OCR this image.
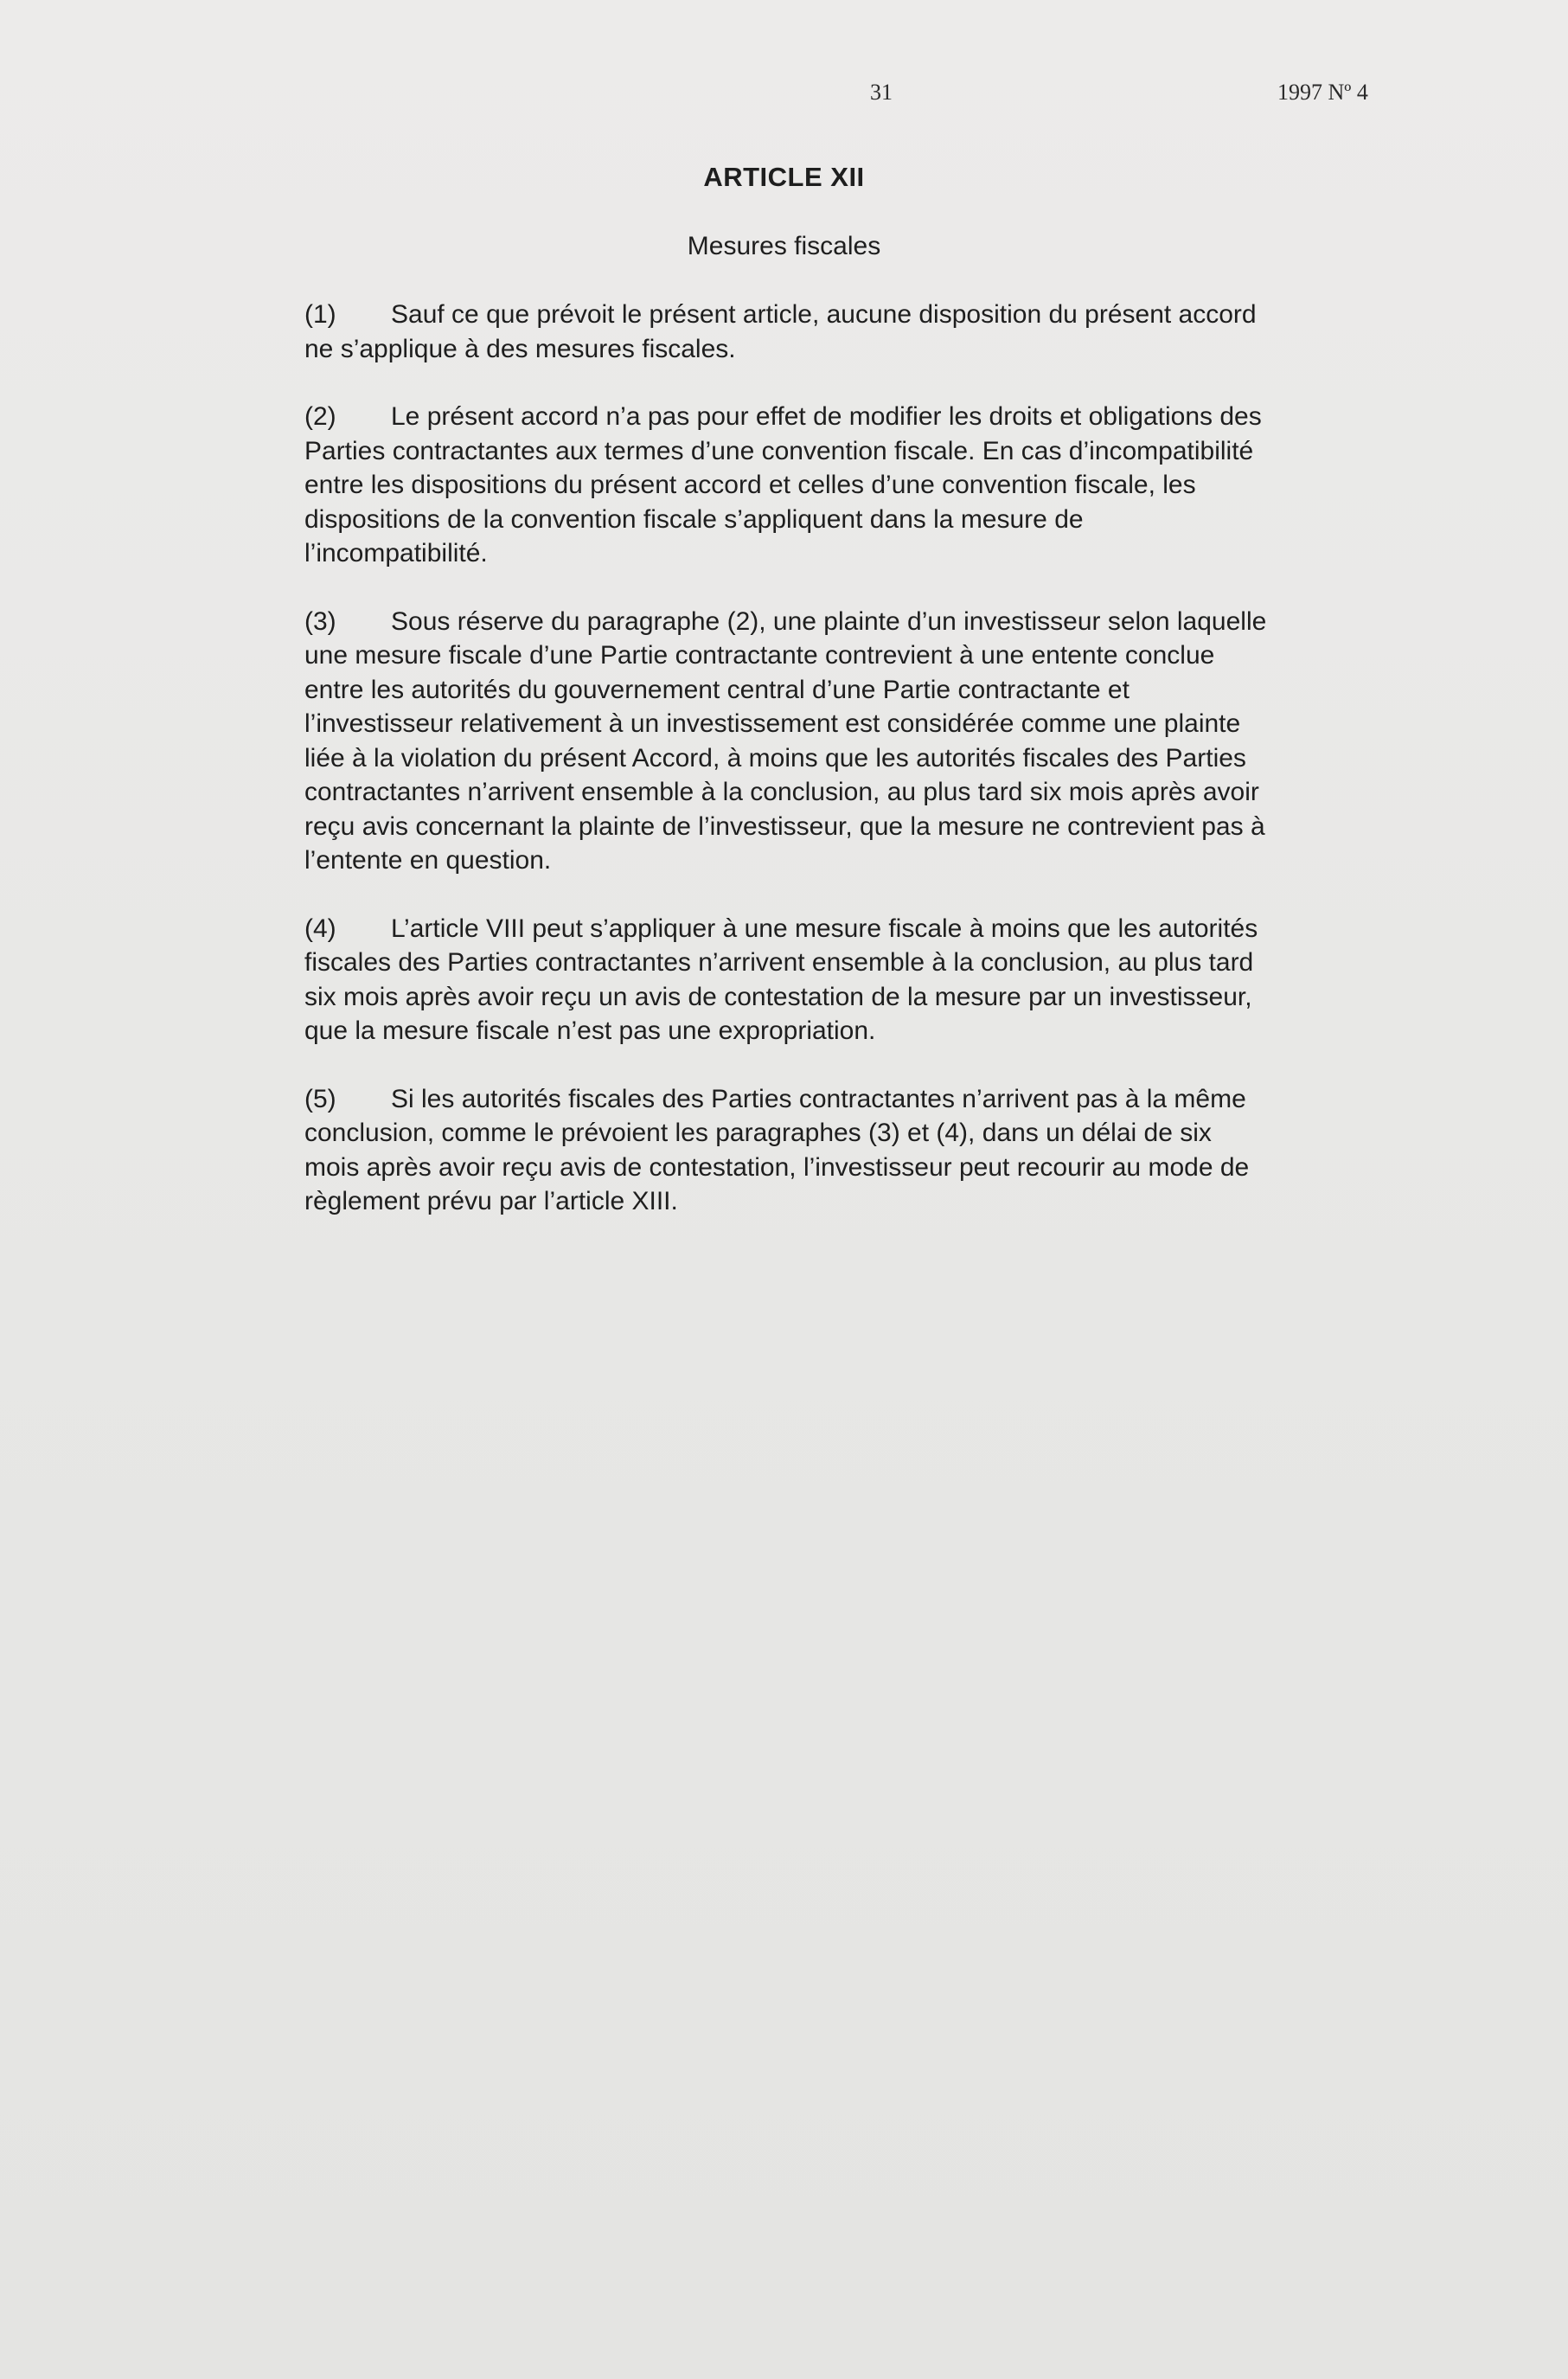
31	1997 Nº 4
ARTICLE XII
Mesures fiscales
(1) Sauf ce que prévoit le présent article, aucune disposition du présent accord
ne s’applique à des mesures fiscales.
(2) Le présent accord n’a pas pour effet de modifier les droits et obligations des
Parties contractantes aux termes d’une convention fiscale. En cas d’incompatibilité
entre les dispositions du présent accord et celles d’une convention fiscale, les
dispositions de la convention fiscale s’appliquent dans la mesure de
l’incompatibilité.
(3) Sous réserve du paragraphe (2), une plainte d’un investisseur selon laquelle
une mesure fiscale d’une Partie contractante contrevient à une entente conclue
entre les autorités du gouvernement central d’une Partie contractante et
l’investisseur relativement à un investissement est considérée comme une plainte
liée à la violation du présent Accord, à moins que les autorités fiscales des Parties
contractantes n’arrivent ensemble à la conclusion, au plus tard six mois après avoir
reçu avis concernant la plainte de l’investisseur, que la mesure ne contrevient pas à
l’entente en question.
(4) L’article VIII peut s’appliquer à une mesure fiscale à moins que les autorités
fiscales des Parties contractantes n’arrivent ensemble à la conclusion, au plus tard
six mois après avoir reçu un avis de contestation de la mesure par un investisseur,
que la mesure fiscale n’est pas une expropriation.
(5) Si les autorités fiscales des Parties contractantes n’arrivent pas à la même
conclusion, comme le prévoient les paragraphes (3) et (4), dans un délai de six
mois après avoir reçu avis de contestation, l’investisseur peut recourir au mode de
règlement prévu par l’article XIII.
